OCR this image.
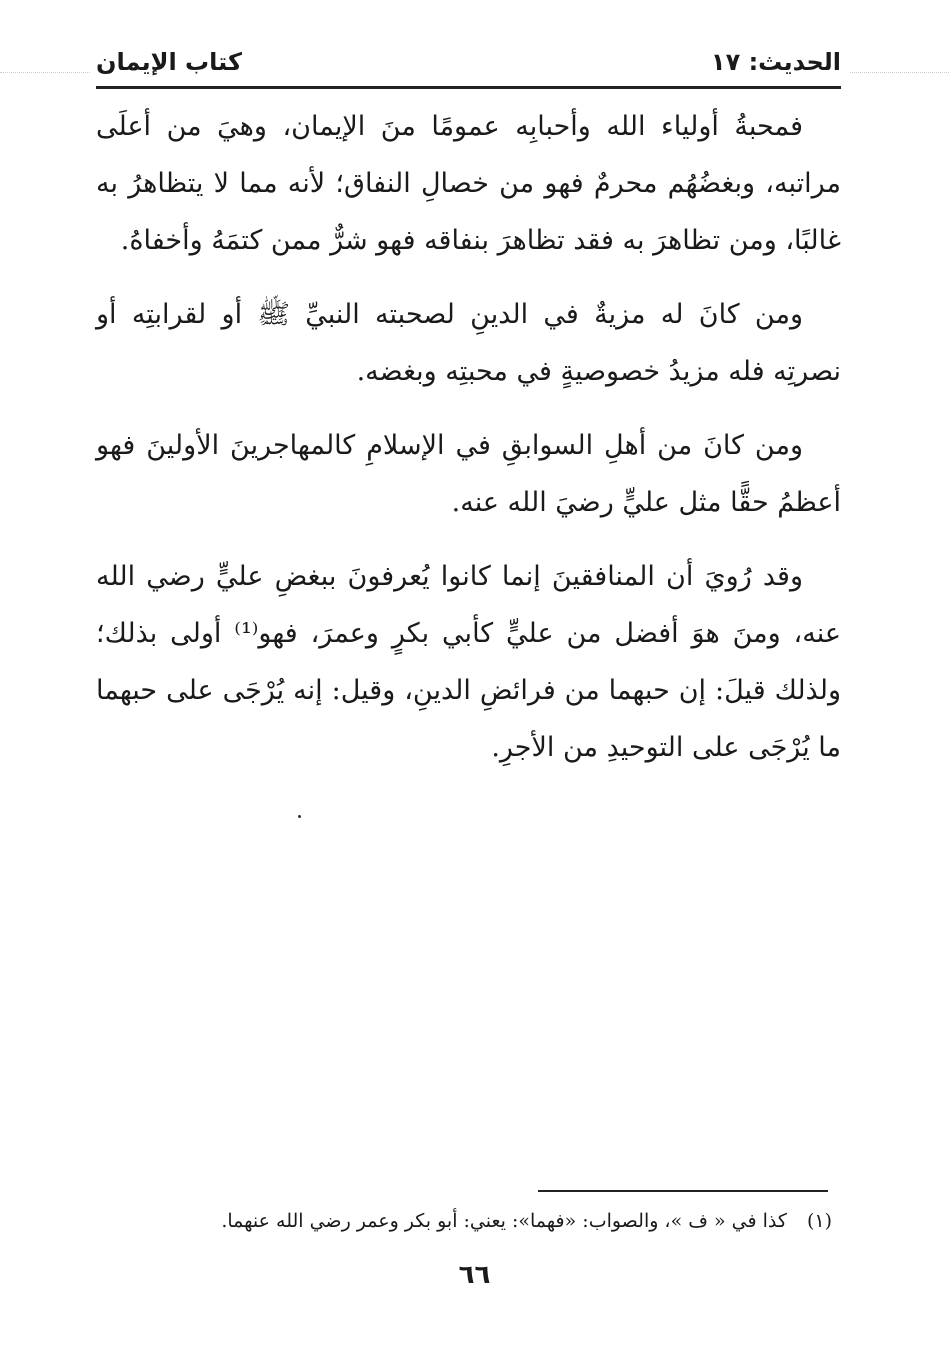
الحديث: ١٧
كتاب الإيمان

فمحبةُ أولياء الله وأحبابِه عمومًا منَ الإيمان، وهيَ من أعلَى مراتبه، وبغضُهُم محرمٌ فهو من خصالِ النفاق؛ لأنه مما لا يتظاهرُ به غالبًا، ومن تظاهرَ به فقد تظاهرَ بنفاقه فهو شرٌّ ممن كتمَهُ وأخفاهُ.

ومن كانَ له مزيةٌ في الدينِ لصحبته النبيِّ ﷺ أو لقرابتِه أو نصرتِه فله مزيدُ خصوصيةٍ في محبتِه وبغضه.

ومن كانَ من أهلِ السوابقِ في الإسلامِ كالمهاجرينَ الأولينَ فهو أعظمُ حقًّا مثل عليٍّ رضيَ الله عنه.

وقد رُويَ أن المنافقينَ إنما كانوا يُعرفونَ ببغضِ عليٍّ رضي الله عنه، ومنَ هوَ أفضل من عليٍّ كأبي بكرٍ وعمرَ، فهو⁽¹⁾ أولى بذلك؛ ولذلك قيلَ: إن حبهما من فرائضِ الدينِ، وقيل: إنه يُرْجَى على حبهما ما يُرْجَى على التوحيدِ من الأجرِ.

(١) كذا في « ف »، والصواب: «فهما»: يعني: أبو بكر وعمر رضي الله عنهما.
٦٦
